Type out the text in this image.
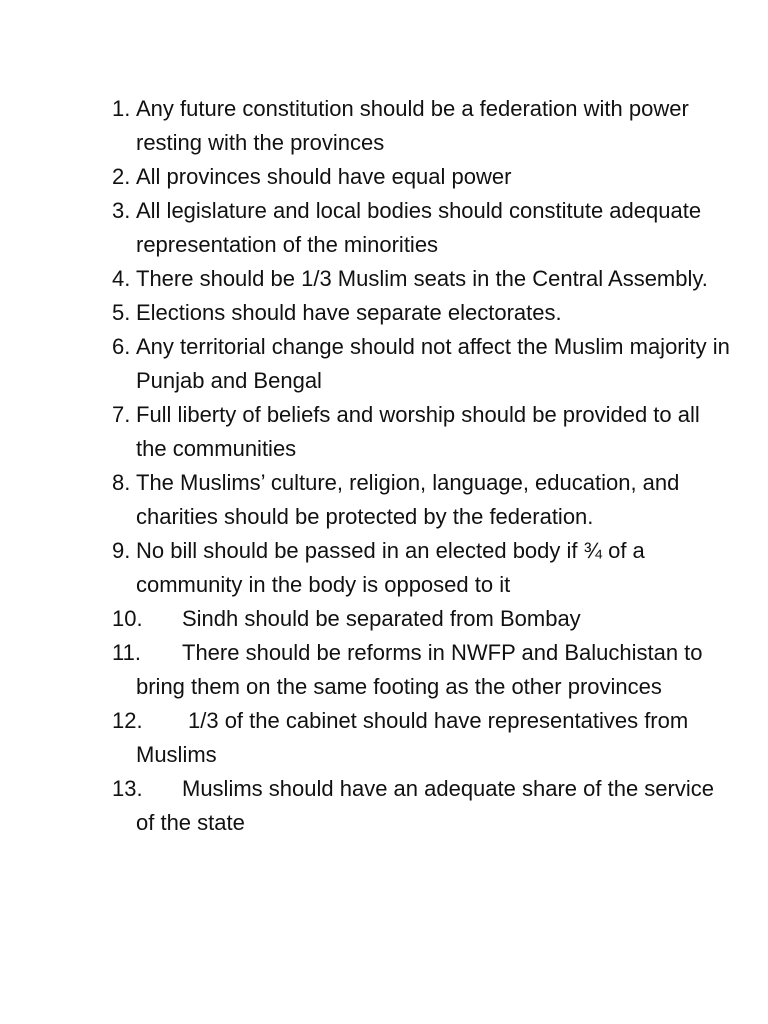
1. Any future constitution should be a federation with power resting with the provinces
2. All provinces should have equal power
3. All legislature and local bodies should constitute adequate representation of the minorities
4. There should be 1/3 Muslim seats in the Central Assembly.
5. Elections should have separate electorates.
6. Any territorial change should not affect the Muslim majority in Punjab and Bengal
7. Full liberty of beliefs and worship should be provided to all the communities
8. The Muslims’ culture, religion, language, education, and charities should be protected by the federation.
9. No bill should be passed in an elected body if ¾ of a community in the body is opposed to it
10. Sindh should be separated from Bombay
11. There should be reforms in NWFP and Baluchistan to bring them on the same footing as the other provinces
12. 1/3 of the cabinet should have representatives from Muslims
13. Muslims should have an adequate share of the service of the state
